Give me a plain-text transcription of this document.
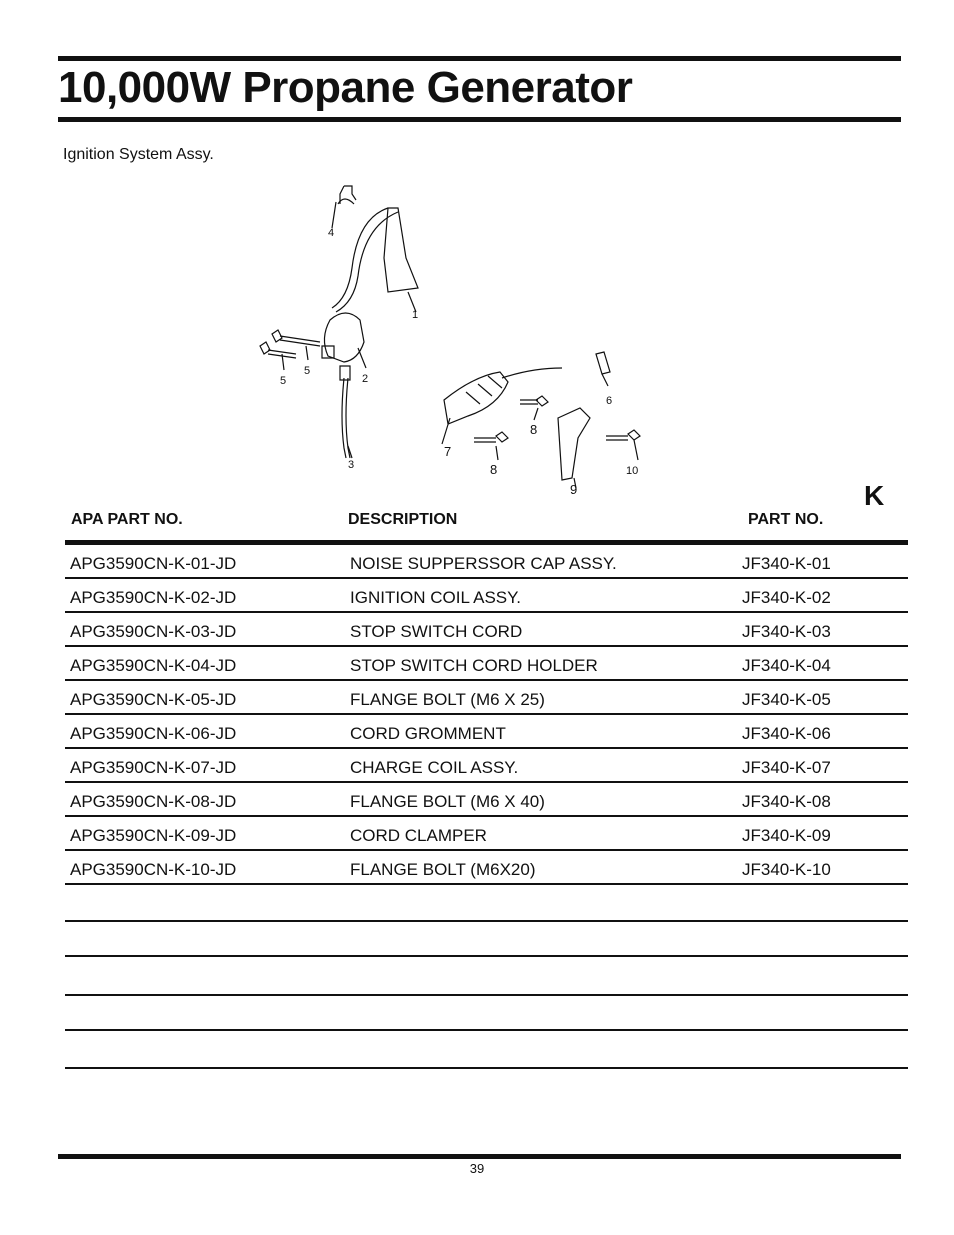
10,000W Propane Generator
Ignition System Assy.
4
1
2
3
5
5
6
7
8
8
9
10
K
APA PART NO.	DESCRIPTION	PART NO.
APG3590CN-K-01-JD	NOISE SUPPERSSOR CAP ASSY.	JF340-K-01
APG3590CN-K-02-JD	IGNITION COIL ASSY.	JF340-K-02
APG3590CN-K-03-JD	STOP SWITCH CORD	JF340-K-03
APG3590CN-K-04-JD	STOP SWITCH CORD HOLDER	JF340-K-04
APG3590CN-K-05-JD	FLANGE BOLT (M6 X 25)	JF340-K-05
APG3590CN-K-06-JD	CORD GROMMENT	JF340-K-06
APG3590CN-K-07-JD	CHARGE COIL ASSY.	JF340-K-07
APG3590CN-K-08-JD	FLANGE BOLT (M6 X 40)	JF340-K-08
APG3590CN-K-09-JD	CORD CLAMPER	JF340-K-09
APG3590CN-K-10-JD	FLANGE BOLT (M6X20)	JF340-K-10
39
